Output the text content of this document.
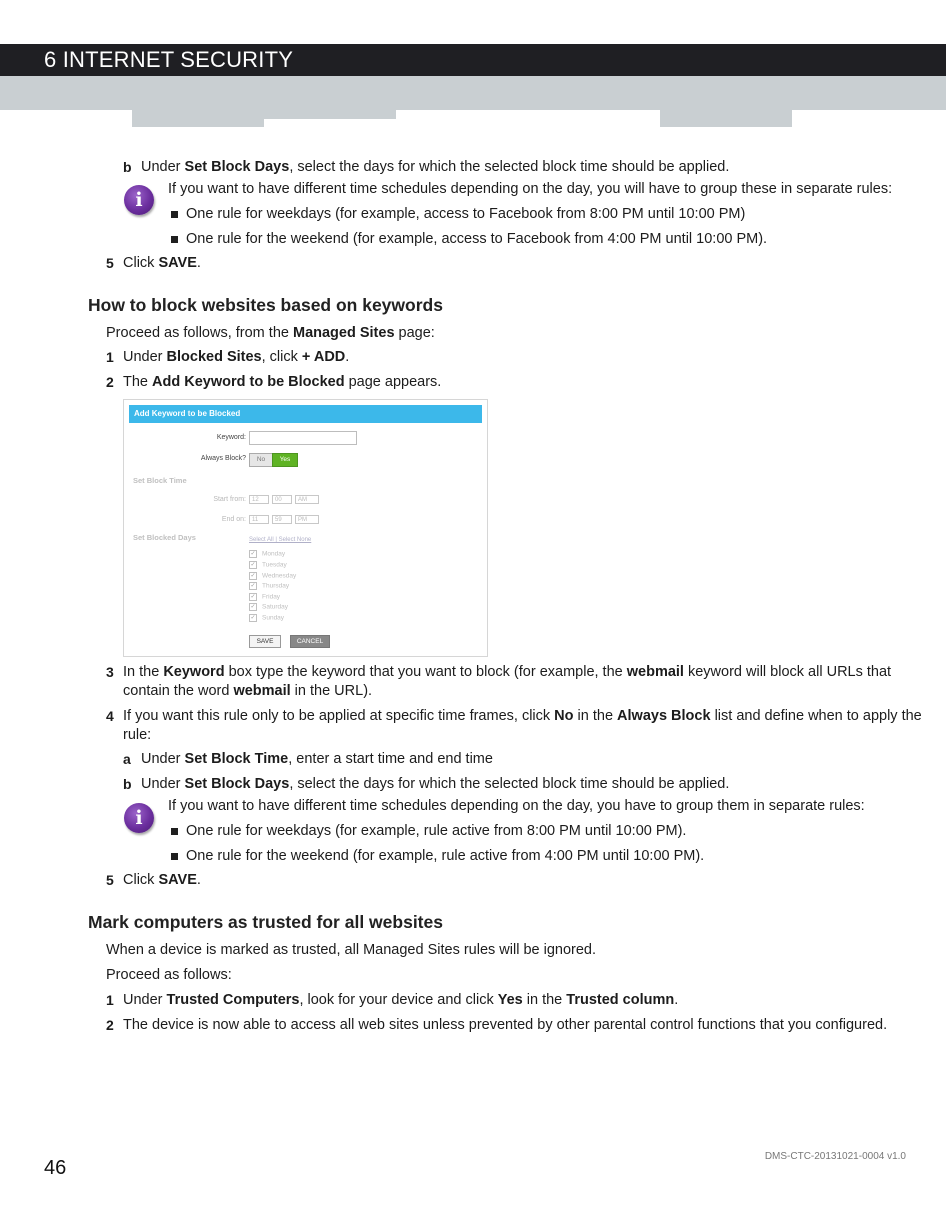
6 INTERNET SECURITY
b Under Set Block Days, select the days for which the selected block time should be applied.
i	If you want to have different time schedules depending on the day, you will have to group these in separate rules:
One rule for weekdays (for example, access to Facebook from 8:00 PM until 10:00 PM)
One rule for the weekend (for example, access to Facebook from 4:00 PM until 10:00 PM).
5 Click SAVE.
How to block websites based on keywords
Proceed as follows, from the Managed Sites page:
1 Under Blocked Sites, click + ADD.
2 The Add Keyword to be Blocked page appears.
Add Keyword to be Blocked
Keyword:
Always Block?	No	Yes
Set Block Time
Start from:	12	00	AM
End on:	11	59	PM
Set Blocked Days	Select All | Select None
✓ Monday
✓ Tuesday
✓ Wednesday
✓ Thursday
✓ Friday
✓ Saturday
✓ Sunday
SAVE	CANCEL
3 In the Keyword box type the keyword that you want to block (for example, the webmail keyword will block all URLs that
contain the word webmail in the URL).
4 If you want this rule only to be applied at specific time frames, click No in the Always Block list and define when to apply the
rule:
a Under Set Block Time, enter a start time and end time
b Under Set Block Days, select the days for which the selected block time should be applied.
i
If you want to have different time schedules depending on the day, you have to group them in separate rules:
One rule for weekdays (for example, rule active from 8:00 PM until 10:00 PM).
One rule for the weekend (for example, rule active from 4:00 PM until 10:00 PM).
5 Click SAVE.
Mark computers as trusted for all websites
When a device is marked as trusted, all Managed Sites rules will be ignored.
Proceed as follows:
1 Under Trusted Computers, look for your device and click Yes in the Trusted column.
2 The device is now able to access all web sites unless prevented by other parental control functions that you configured.
46
DMS-CTC-20131021-0004 v1.0
